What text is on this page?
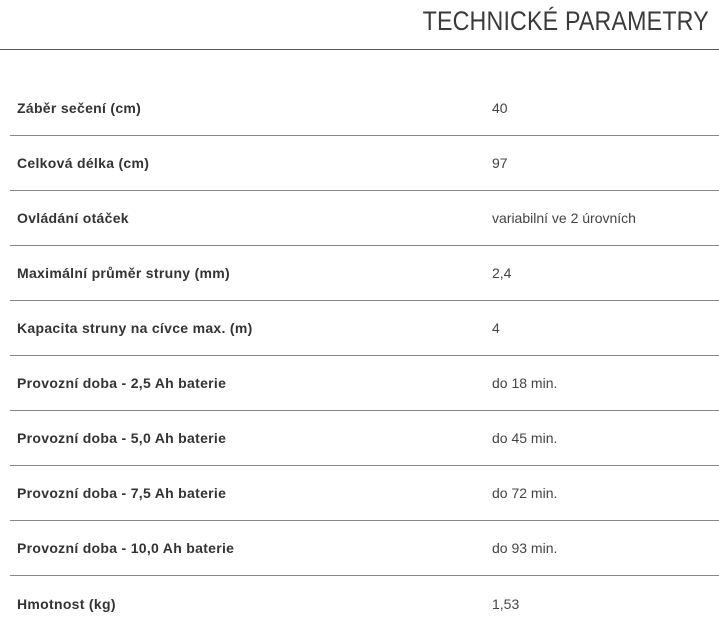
TECHNICKÉ PARAMETRY
Záběr sečení (cm)	40
Celková délka (cm)	97
Ovládání otáček	variabilní ve 2 úrovních
Maximální průměr struny (mm)	2,4
Kapacita struny na cívce max. (m)	4
Provozní doba - 2,5 Ah baterie	do 18 min.
Provozní doba - 5,0 Ah baterie	do 45 min.
Provozní doba - 7,5 Ah baterie	do 72 min.
Provozní doba - 10,0 Ah baterie	do 93 min.
Hmotnost (kg)	1,53
